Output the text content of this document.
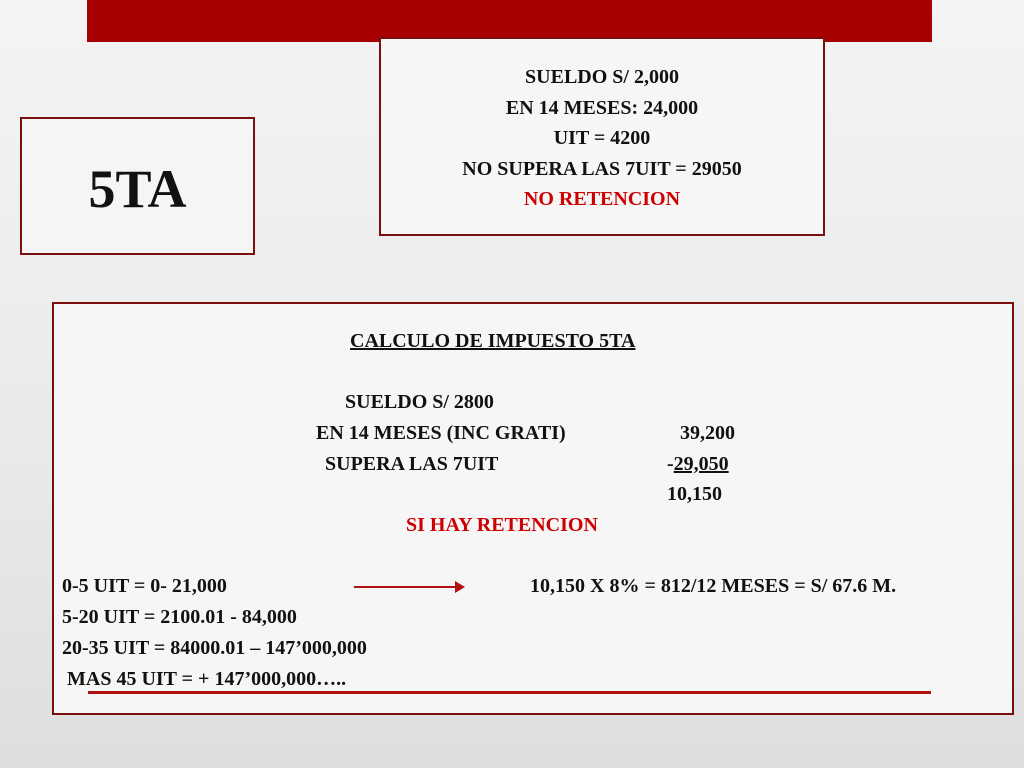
5TA
SUELDO S/ 2,000
EN 14 MESES: 24,000
UIT = 4200
NO SUPERA LAS 7UIT = 29050
NO RETENCION
CALCULO DE IMPUESTO 5TA
SUELDO S/ 2800
EN 14 MESES (INC GRATI)	39,200
SUPERA LAS 7UIT	-29,050
10,150
SI HAY RETENCION
0-5 UIT = 0- 21,000
5-20 UIT = 2100.01 - 84,000
20-35 UIT = 84000.01 – 147’000,000
MAS 45 UIT = + 147’000,000…..
10,150 X 8% = 812/12 MESES = S/ 67.6 M.
